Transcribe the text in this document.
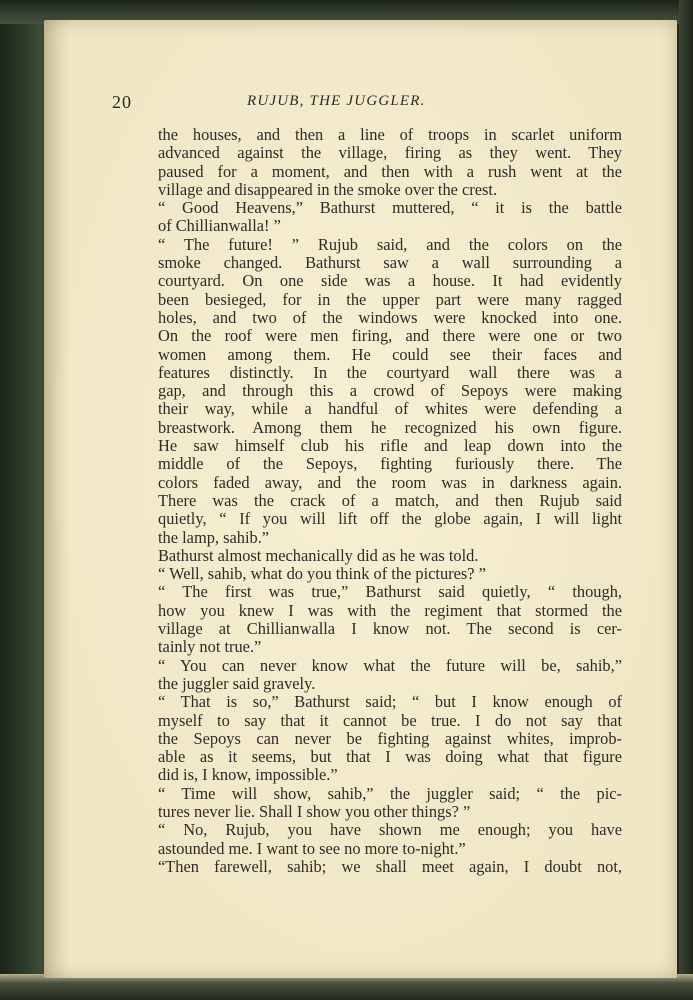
20	RUJUB, THE JUGGLER.
the houses, and then a line of troops in scarlet uniform
advanced against the village, firing as they went. They
paused for a moment, and then with a rush went at the
village and disappeared in the smoke over the crest.
“ Good Heavens,” Bathurst muttered, “ it is the battle
of Chillianwalla! ”
“ The future! ” Rujub said, and the colors on the
smoke changed. Bathurst saw a wall surrounding a
courtyard. On one side was a house. It had evidently
been besieged, for in the upper part were many ragged
holes, and two of the windows were knocked into one.
On the roof were men firing, and there were one or two
women among them. He could see their faces and
features distinctly. In the courtyard wall there was a
gap, and through this a crowd of Sepoys were making
their way, while a handful of whites were defending a
breastwork. Among them he recognized his own figure.
He saw himself club his rifle and leap down into the
middle of the Sepoys, fighting furiously there. The
colors faded away, and the room was in darkness again.
There was the crack of a match, and then Rujub said
quietly, “ If you will lift off the globe again, I will light
the lamp, sahib.”
Bathurst almost mechanically did as he was told.
“ Well, sahib, what do you think of the pictures? ”
“ The first was true,” Bathurst said quietly, “ though,
how you knew I was with the regiment that stormed the
village at Chillianwalla I know not. The second is cer-
tainly not true.”
“ You can never know what the future will be, sahib,”
the juggler said gravely.
“ That is so,” Bathurst said; “ but I know enough of
myself to say that it cannot be true. I do not say that
the Sepoys can never be fighting against whites, improb-
able as it seems, but that I was doing what that figure
did is, I know, impossible.”
“ Time will show, sahib,” the juggler said; “ the pic-
tures never lie. Shall I show you other things? ”
“ No, Rujub, you have shown me enough; you have
astounded me. I want to see no more to-night.”
“Then farewell, sahib; we shall meet again, I doubt not,
